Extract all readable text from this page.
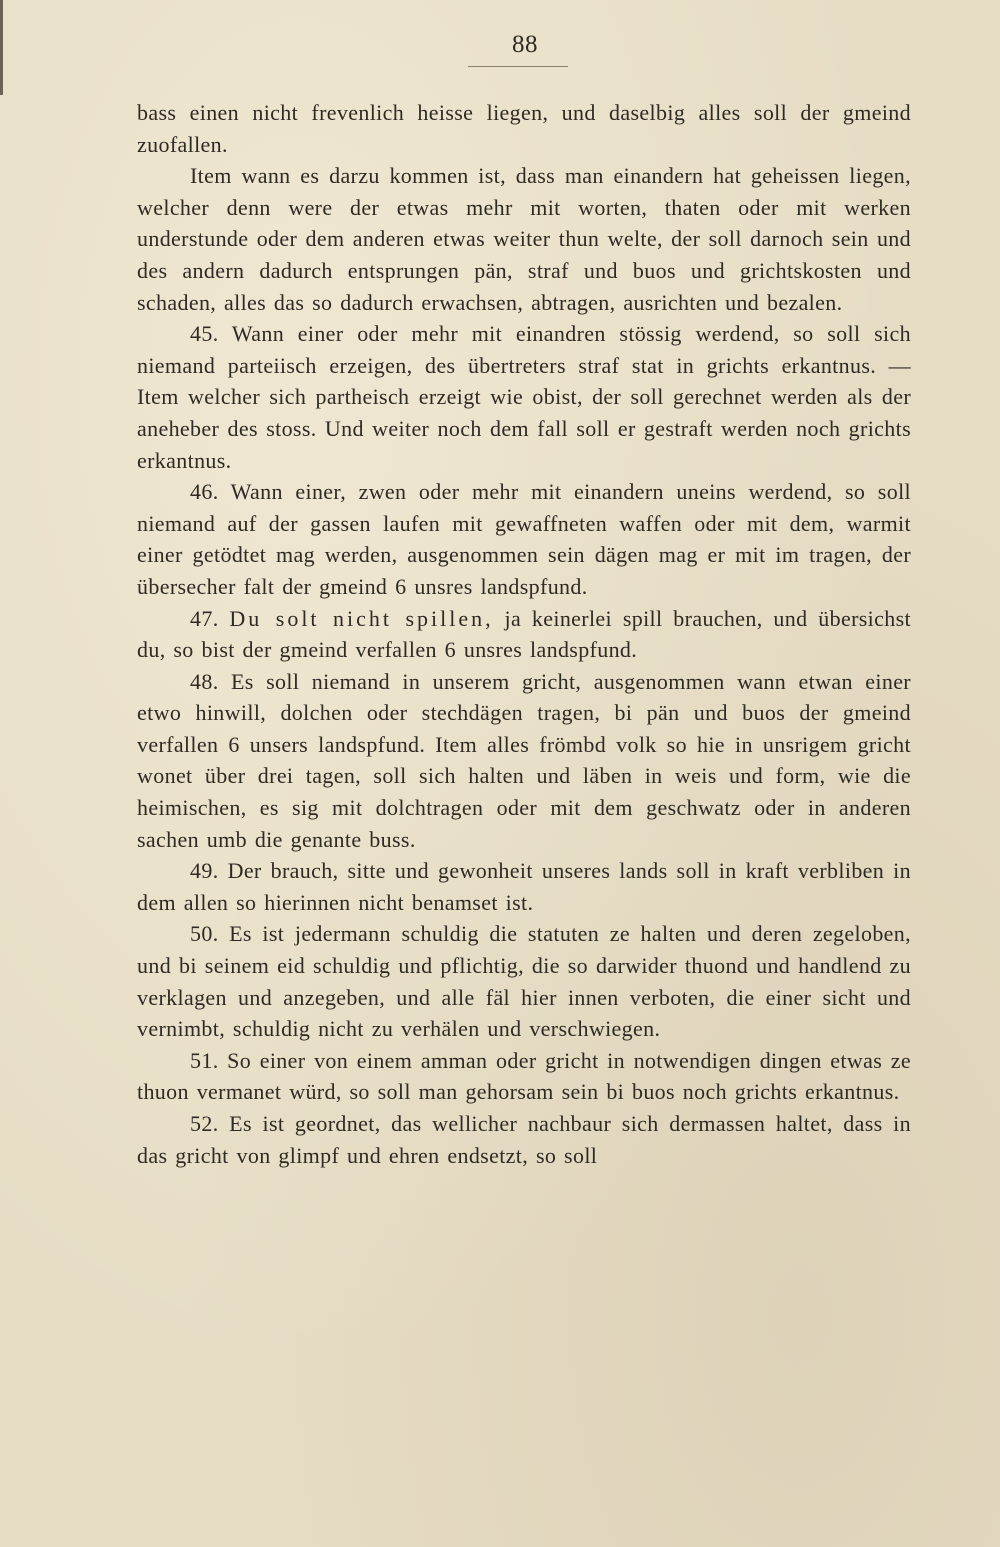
88

bass einen nicht frevenlich heisse liegen, und daselbig alles soll der gmeind zuofallen.

Item wann es darzu kommen ist, dass man einandern hat geheissen liegen, welcher denn were der etwas mehr mit worten, thaten oder mit werken understunde oder dem anderen etwas weiter thun welte, der soll darnoch sein und des andern dadurch entsprungen pän, straf und buos und grichtskosten und schaden, alles das so dadurch erwachsen, abtragen, ausrichten und bezalen.

45. Wann einer oder mehr mit einandren stössig werdend, so soll sich niemand parteiisch erzeigen, des übertreters straf stat in grichts erkantnus. — Item welcher sich partheisch erzeigt wie obist, der soll gerechnet werden als der aneheber des stoss. Und weiter noch dem fall soll er gestraft werden noch grichts erkantnus.

46. Wann einer, zwen oder mehr mit einandern uneins werdend, so soll niemand auf der gassen laufen mit gewaffneten waffen oder mit dem, warmit einer getödtet mag werden, ausgenommen sein dägen mag er mit im tragen, der übersecher falt der gmeind 6 unsres landspfund.

47. Du solt nicht spillen, ja keinerlei spill brauchen, und übersichst du, so bist der gmeind verfallen 6 unsres landspfund.

48. Es soll niemand in unserem gricht, ausgenommen wann etwan einer etwo hinwill, dolchen oder stechdägen tragen, bi pän und buos der gmeind verfallen 6 unsers landspfund. Item alles frömbd volk so hie in unsrigem gricht wonet über drei tagen, soll sich halten und läben in weis und form, wie die heimischen, es sig mit dolchtragen oder mit dem geschwatz oder in anderen sachen umb die genante buss.

49. Der brauch, sitte und gewonheit unseres lands soll in kraft verbliben in dem allen so hierinnen nicht benamset ist.

50. Es ist jedermann schuldig die statuten ze halten und deren zegeloben, und bi seinem eid schuldig und pflichtig, die so darwider thuond und handlend zu verklagen und anzegeben, und alle fäl hier innen verboten, die einer sicht und vernimbt, schuldig nicht zu verhälen und verschwiegen.

51. So einer von einem amman oder gricht in notwendigen dingen etwas ze thuon vermanet würd, so soll man gehorsam sein bi buos noch grichts erkantnus.

52. Es ist geordnet, das wellicher nachbaur sich dermassen haltet, dass in das gricht von glimpf und ehren endsetzt, so soll
